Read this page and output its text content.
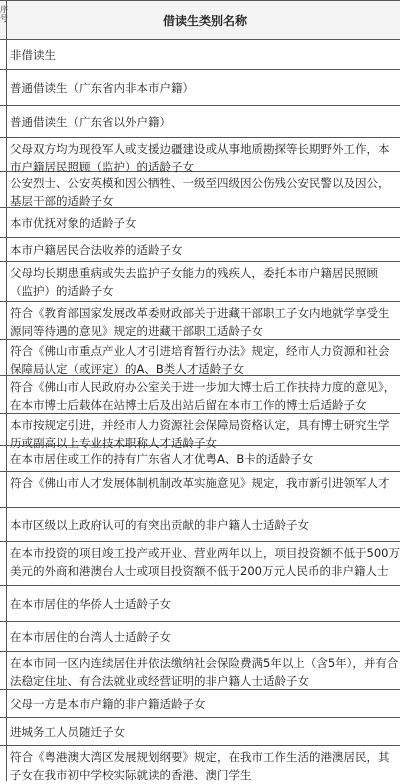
序号	借读生类别名称
非借读生
普通借读生（广东省内非本市户籍）
普通借读生（广东省以外户籍）
父母双方均为现役军人或支援边疆建设或从事地质勘探等长期野外工作，本市户籍居民照顾（监护）的适龄子女
公安烈士、公安英模和因公牺牲、一级至四级因公伤残公安民警以及因公，基层干部的适龄子女
本市优抚对象的适龄子女
本市户籍居民合法收养的适龄子女
父母均长期患重病或失去监护子女能力的残疾人，委托本市户籍居民照顾（监护）的适龄子女
符合《教育部国家发展改革委财政部关于进藏干部职工子女内地就学享受生源同等待遇的意见》规定的进藏干部职工适龄子女
符合《佛山市重点产业人才引进培育暂行办法》规定，经市人力资源和社会保障局认定（或评定）的A、B类人才适龄子女
符合《佛山市人民政府办公室关于进一步加大博士后工作扶持力度的意见》，在本市博士后载体在站博士后及出站后留在本市工作的博士后适龄子女
本市按规定引进，并经市人力资源社会保障局资格认定，具有博士研究生学历或副高以上专业技术职称人才适龄子女
在本市居住或工作的持有广东省人才优粤A、B卡的适龄子女
符合《佛山市人才发展体制机制改革实施意见》规定，我市新引进领军人才
本市区级以上政府认可的有突出贡献的非户籍人士适龄子女
在本市投资的项目竣工投产或开业、营业两年以上，项目投资额不低于500万美元的外商和港澳台人士或项目投资额不低于200万元人民币的非户籍人士
在本市居住的华侨人士适龄子女
在本市居住的台湾人士适龄子女
在本市同一区内连续居住并依法缴纳社会保险费满5年以上（含5年），并有合法稳定住址、有合法就业或经营证明的非户籍人士适龄子女
父母一方是本市户籍的非户籍适龄子女
进城务工人员随迁子女
符合《粤港澳大湾区发展规划纲要》规定，在我市工作生活的港澳居民，其子女在我市初中学校实际就读的香港、澳门学生
